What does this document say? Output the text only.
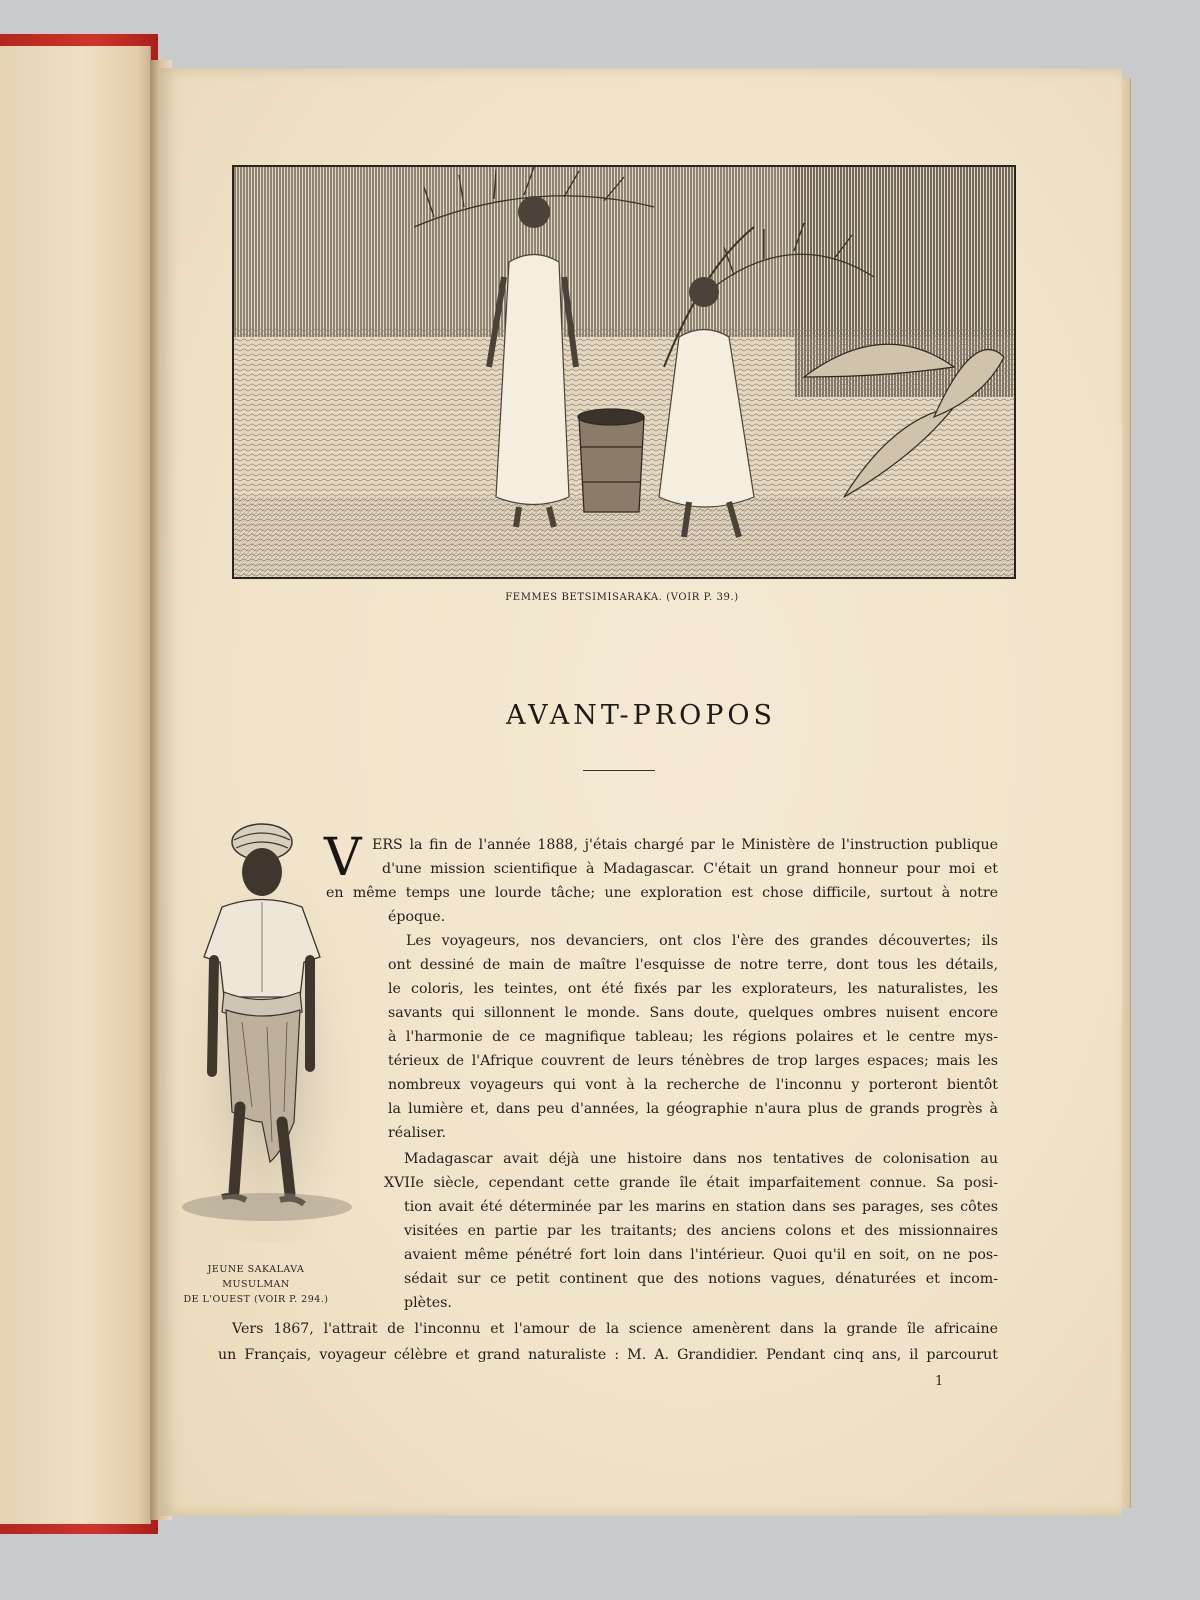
FEMMES BETSIMISARAKA. (VOIR P. 39.)
AVANT-PROPOS
JEUNE SAKALAVA MUSULMAN
DE L'OUEST (VOIR P. 294.)
V ERS la fin de l'année 1888, j'étais chargé par le Ministère de l'instruction publique
d'une mission scientifique à Madagascar. C'était un grand honneur pour moi et
en même temps une lourde tâche; une exploration est chose difficile, surtout à notre
époque.
Les voyageurs, nos devanciers, ont clos l'ère des grandes découvertes; ils
ont dessiné de main de maître l'esquisse de notre terre, dont tous les détails,
le coloris, les teintes, ont été fixés par les explorateurs, les naturalistes, les
savants qui sillonnent le monde. Sans doute, quelques ombres nuisent encore
à l'harmonie de ce magnifique tableau; les régions polaires et le centre mys-
térieux de l'Afrique couvrent de leurs ténèbres de trop larges espaces; mais les
nombreux voyageurs qui vont à la recherche de l'inconnu y porteront bientôt
la lumière et, dans peu d'années, la géographie n'aura plus de grands progrès à
réaliser.
Madagascar avait déjà une histoire dans nos tentatives de colonisation au
XVIIe siècle, cependant cette grande île était imparfaitement connue. Sa posi-
tion avait été déterminée par les marins en station dans ses parages, ses côtes
visitées en partie par les traitants; des anciens colons et des missionnaires
avaient même pénétré fort loin dans l'intérieur. Quoi qu'il en soit, on ne pos-
sédait sur ce petit continent que des notions vagues, dénaturées et incom-
plètes.
Vers 1867, l'attrait de l'inconnu et l'amour de la science amenèrent dans la grande île africaine
un Français, voyageur célèbre et grand naturaliste : M. A. Grandidier. Pendant cinq ans, il parcourut
1
